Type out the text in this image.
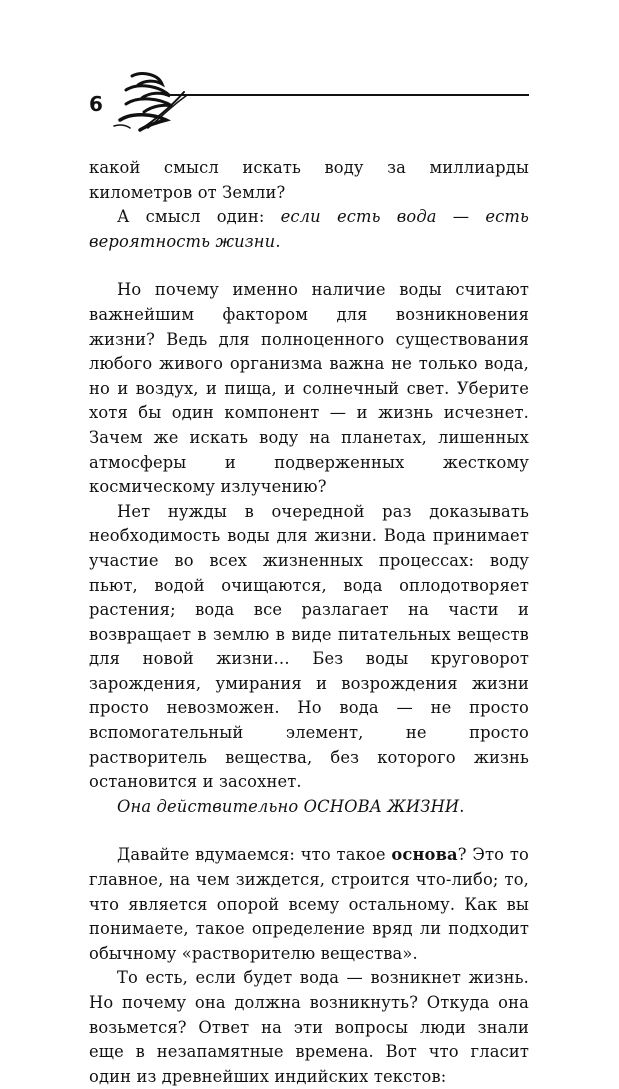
6

какой смысл искать воду за миллиарды километров от Земли?

А смысл один: если есть вода — есть вероятность жизни.

Но почему именно наличие воды считают важнейшим фактором для возникновения жизни? Ведь для полноценного существования любого живого организма важна не только вода, но и воздух, и пища, и солнечный свет. Уберите хотя бы один компонент — и жизнь исчезнет. Зачем же искать воду на планетах, лишенных атмосферы и подверженных жесткому космическому излучению?

Нет нужды в очередной раз доказывать необходимость воды для жизни. Вода принимает участие во всех жизненных процессах: воду пьют, водой очищаются, вода оплодотворяет растения; вода все разлагает на части и возвращает в землю в виде питательных веществ для новой жизни… Без воды круговорот зарождения, умирания и возрождения жизни просто невозможен. Но вода — не просто вспомогательный элемент, не просто растворитель вещества, без которого жизнь остановится и засохнет.

Она действительно ОСНОВА ЖИЗНИ.

Давайте вдумаемся: что такое основа? Это то главное, на чем зиждется, строится что-либо; то, что является опорой всему остальному. Как вы понимаете, такое определение вряд ли подходит обычному «растворителю вещества».

То есть, если будет вода — возникнет жизнь. Но почему она должна возникнуть? Откуда она возьмется? Ответ на эти вопросы люди знали еще в незапамятные времена. Вот что гласит один из древнейших индийских текстов:
